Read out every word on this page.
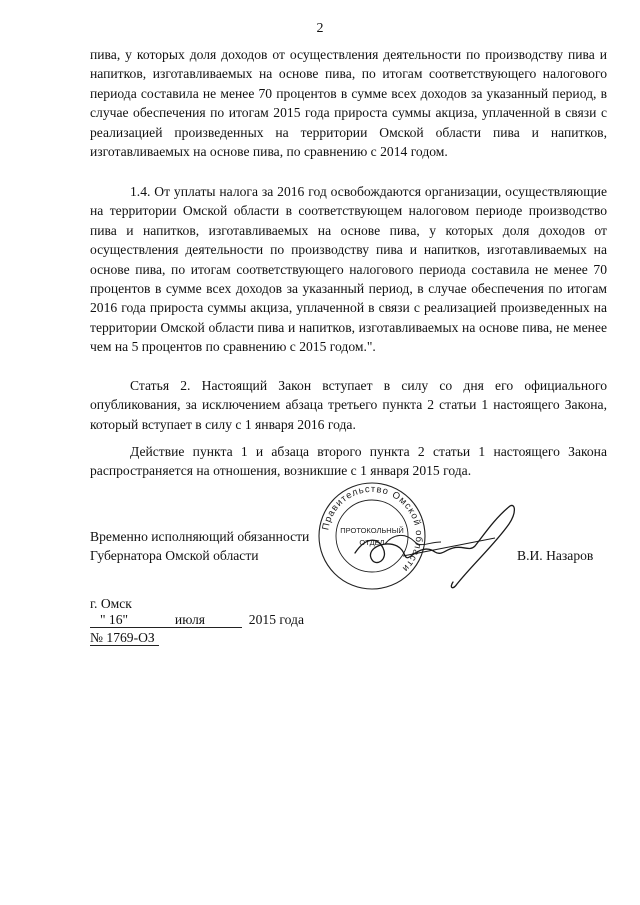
2

пива, у которых доля доходов от осуществления деятельности по производству пива и напитков, изготавливаемых на основе пива, по итогам соответствующего налогового периода составила не менее 70 процентов в сумме всех доходов за указанный период, в случае обеспечения по итогам 2015 года прироста суммы акциза, уплаченной в связи с реализацией произведенных на территории Омской области пива и напитков, изготавливаемых на основе пива, по сравнению с 2014 годом.

1.4. От уплаты налога за 2016 год освобождаются организации, осуществляющие на территории Омской области в соответствующем налоговом периоде производство пива и напитков, изготавливаемых на основе пива, у которых доля доходов от осуществления деятельности по производству пива и напитков, изготавливаемых на основе пива, по итогам соответствующего налогового периода составила не менее 70 процентов в сумме всех доходов за указанный период, в случае обеспечения по итогам 2016 года прироста суммы акциза, уплаченной в связи с реализацией произведенных на территории Омской области пива и напитков, изготавливаемых на основе пива, не менее чем на 5 процентов по сравнению с 2015 годом.".

Статья 2. Настоящий Закон вступает в силу со дня его официального опубликования, за исключением абзаца третьего пункта 2 статьи 1 настоящего Закона, который вступает в силу с 1 января 2016 года.

Действие пункта 1 и абзаца второго пункта 2 статьи 1 настоящего Закона распространяется на отношения, возникшие с 1 января 2015 года.

Временно исполняющий обязанности
Губернатора Омской области
Правительство Омской области
ПРОТОКОЛЬНЫЙ
ОТДЕЛ
В.И. Назаров
г. Омск
" 16"	июля	2015 года
№ 1769-ОЗ
